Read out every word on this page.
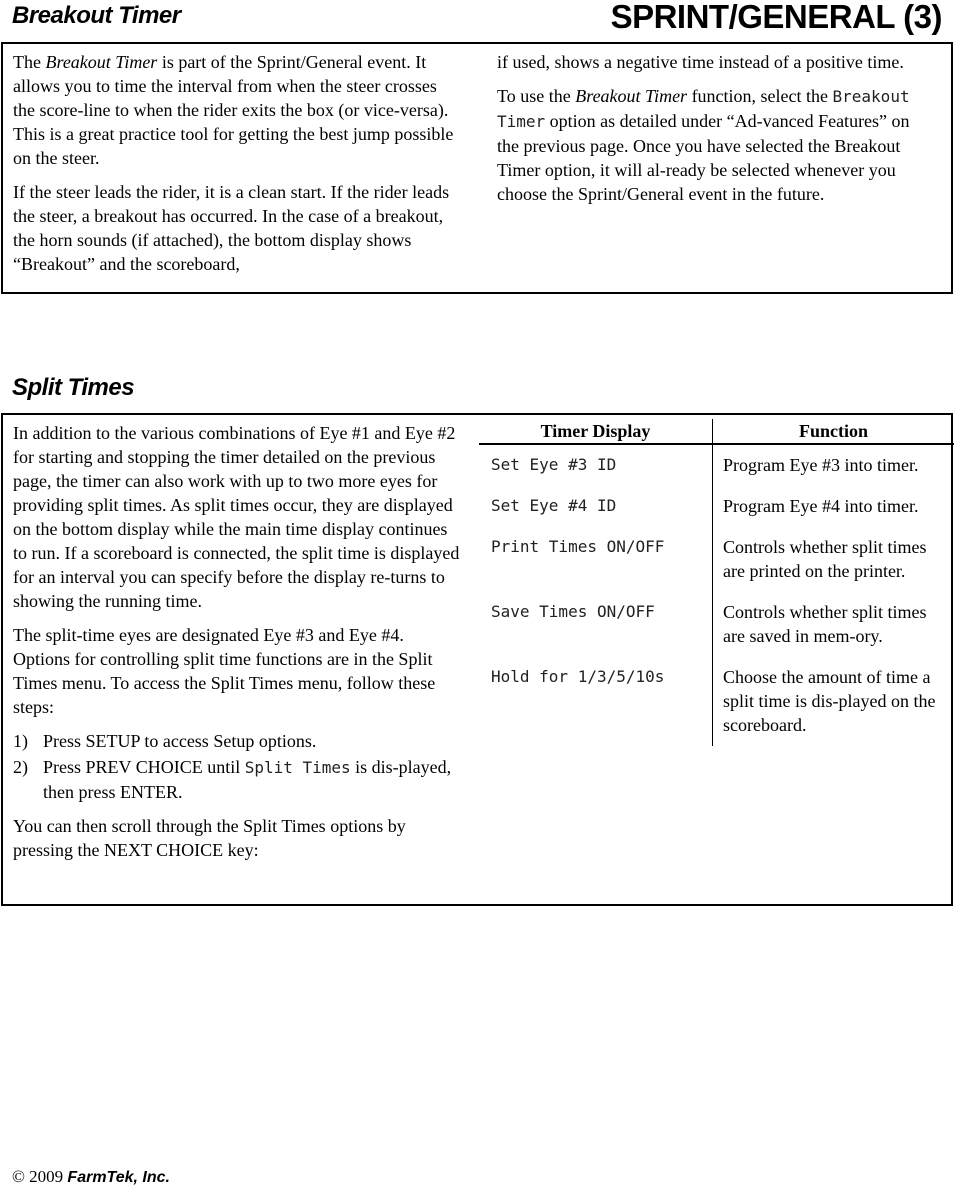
Breakout Timer	SPRINT/GENERAL (3)

The Breakout Timer is part of the Sprint/General event. It allows you to time the interval from when the steer crosses the score-line to when the rider exits the box (or vice-versa). This is a great practice tool for getting the best jump possible on the steer.

If the steer leads the rider, it is a clean start. If the rider leads the steer, a breakout has occurred. In the case of a breakout, the horn sounds (if attached), the bottom display shows “Breakout” and the scoreboard,

if used, shows a negative time instead of a positive time.

To use the Breakout Timer function, select the Breakout Timer option as detailed under “Ad-vanced Features” on the previous page. Once you have selected the Breakout Timer option, it will al-ready be selected whenever you choose the Sprint/General event in the future.

Split Times

In addition to the various combinations of Eye #1 and Eye #2 for starting and stopping the timer detailed on the previous page, the timer can also work with up to two more eyes for providing split times. As split times occur, they are displayed on the bottom display while the main time display continues to run. If a scoreboard is connected, the split time is displayed for an interval you can specify before the display re-turns to showing the running time.

The split-time eyes are designated Eye #3 and Eye #4. Options for controlling split time functions are in the Split Times menu. To access the Split Times menu, follow these steps:

1) Press SETUP to access Setup options.
2) Press PREV CHOICE until Split Times is dis-played, then press ENTER.

You can then scroll through the Split Times options by pressing the NEXT CHOICE key:

Timer Display	Function
Set Eye #3 ID	Program Eye #3 into timer.
Set Eye #4 ID	Program Eye #4 into timer.
Print Times ON/OFF	Controls whether split times are printed on the printer.
Save Times ON/OFF	Controls whether split times are saved in mem-ory.
Hold for 1/3/5/10s	Choose the amount of time a split time is dis-played on the scoreboard.
© 2009 FarmTek, Inc.
